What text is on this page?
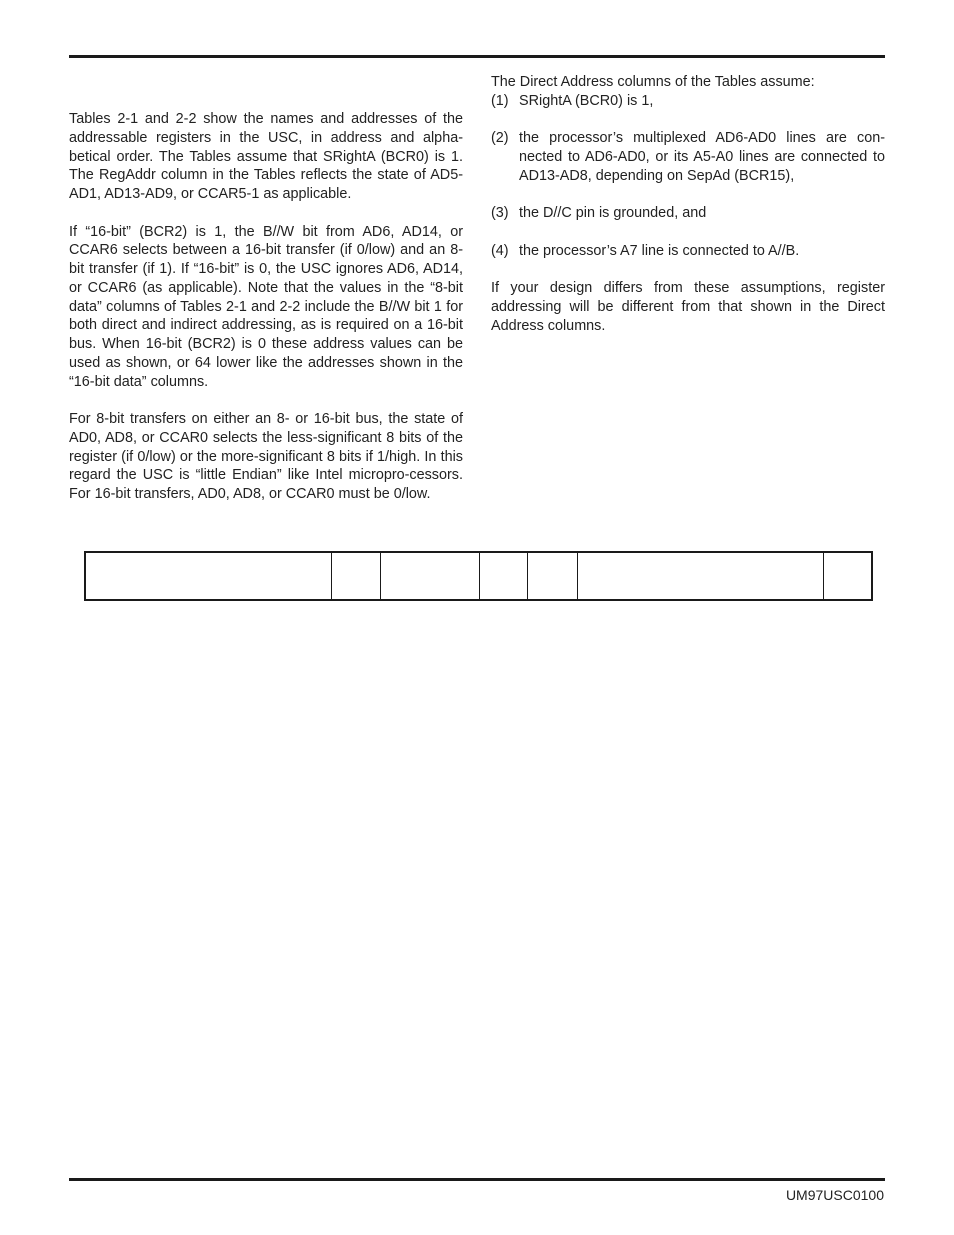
Tables 2-1 and 2-2 show the names and addresses of the addressable registers in the USC, in address and alpha-betical order. The Tables assume that SRightA (BCR0) is 1. The RegAddr column in the Tables reflects the state of AD5-AD1, AD13-AD9, or CCAR5-1 as applicable.

If “16-bit” (BCR2) is 1, the B//W bit from AD6, AD14, or CCAR6 selects between a 16-bit transfer (if 0/low) and an 8-bit transfer (if 1). If “16-bit” is 0, the USC ignores AD6, AD14, or CCAR6 (as applicable). Note that the values in the “8-bit data” columns of Tables 2-1 and 2-2 include the B//W bit 1 for both direct and indirect addressing, as is required on a 16-bit bus. When 16-bit (BCR2) is 0 these address values can be used as shown, or 64 lower like the addresses shown in the “16-bit data” columns.

For 8-bit transfers on either an 8- or 16-bit bus, the state of AD0, AD8, or CCAR0 selects the less-significant 8 bits of the register (if 0/low) or the more-significant 8 bits if 1/high. In this regard the USC is “little Endian” like Intel micropro-cessors. For 16-bit transfers, AD0, AD8, or CCAR0 must be 0/low.

The Direct Address columns of the Tables assume:
(1) SRightA (BCR0) is 1,
(2) the processor’s multiplexed AD6-AD0 lines are con-nected to AD6-AD0, or its A5-A0 lines are connected to AD13-AD8, depending on SepAd (BCR15),
(3) the D//C pin is grounded, and
(4) the processor’s A7 line is connected to A//B.

If your design differs from these assumptions, register addressing will be different from that shown in the Direct Address columns.

UM97USC0100
